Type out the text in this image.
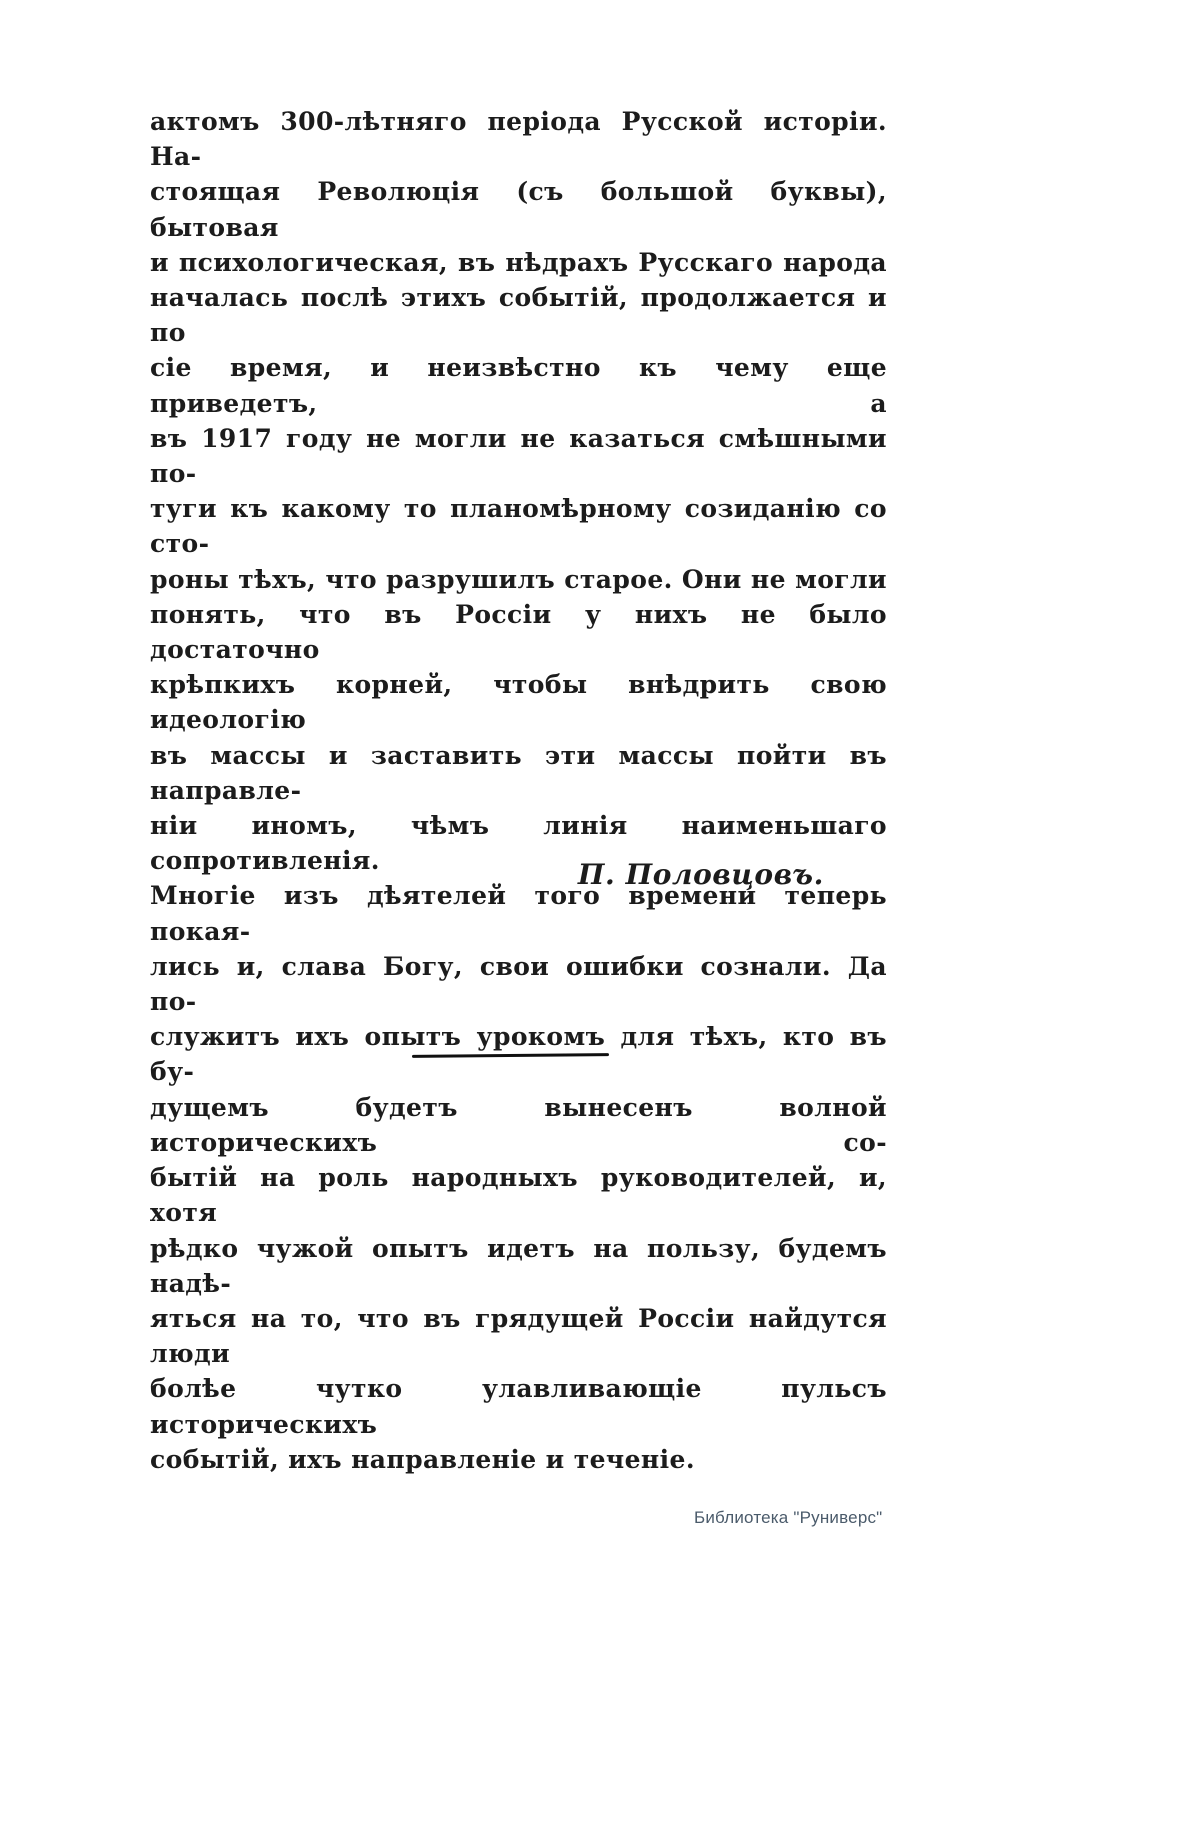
актомъ 300-лѣтняго періода Русской исторіи. На-
стоящая Революція (съ большой буквы), бытовая
и психологическая, въ нѣдрахъ Русскаго народа
началась послѣ этихъ событій, продолжается и по
сіе время, и неизвѣстно къ чему еще приведетъ, а
въ 1917 году не могли не казаться смѣшными по-
туги къ какому то планомѣрному созиданію со сто-
роны тѣхъ, что разрушилъ старое. Они не могли
понять, что въ Россіи у нихъ не было достаточно
крѣпкихъ корней, чтобы внѣдрить свою идеологію
въ массы и заставить эти массы пойти въ направле-
ніи иномъ, чѣмъ линія наименьшаго сопротивленія.
Многіе изъ дѣятелей того времени теперь покая-
лись и, слава Богу, свои ошибки сознали. Да по-
служитъ ихъ опытъ урокомъ для тѣхъ, кто въ бу-
дущемъ будетъ вынесенъ волной историческихъ со-
бытій на роль народныхъ руководителей, и, хотя
рѣдко чужой опытъ идетъ на пользу, будемъ надѣ-
яться на то, что въ грядущей Россіи найдутся люди
болѣе чутко улавливающіе пульсъ историческихъ
событій, ихъ направленіе и теченіе.
П. Половцовъ.
Библиотека "Руниверс"
